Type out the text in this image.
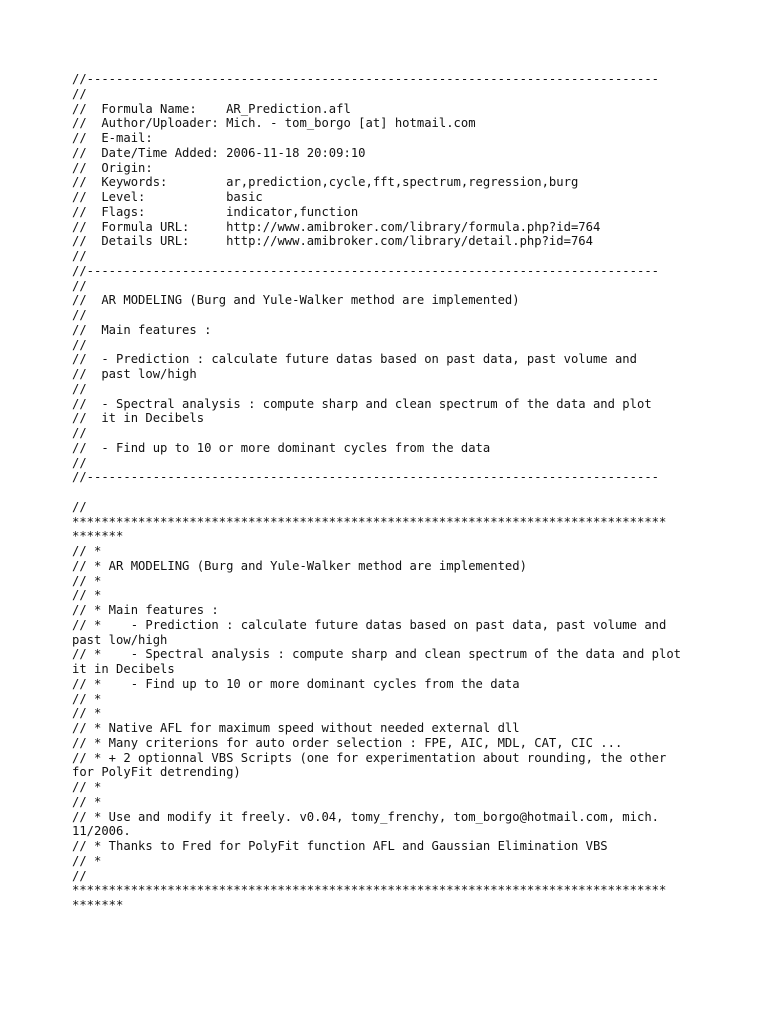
//------------------------------------------------------------------------------
//
//  Formula Name:    AR_Prediction.afl
//  Author/Uploader: Mich. - tom_borgo [at] hotmail.com
//  E-mail:
//  Date/Time Added: 2006-11-18 20:09:10
//  Origin:
//  Keywords:        ar,prediction,cycle,fft,spectrum,regression,burg
//  Level:           basic
//  Flags:           indicator,function
//  Formula URL:     http://www.amibroker.com/library/formula.php?id=764
//  Details URL:     http://www.amibroker.com/library/detail.php?id=764
//
//------------------------------------------------------------------------------
//
//  AR MODELING (Burg and Yule-Walker method are implemented)
//
//  Main features :
//
//  - Prediction : calculate future datas based on past data, past volume and
//  past low/high
//
//  - Spectral analysis : compute sharp and clean spectrum of the data and plot
//  it in Decibels
//
//  - Find up to 10 or more dominant cycles from the data
//
//------------------------------------------------------------------------------
//
*********************************************************************************
*******
// *
// * AR MODELING (Burg and Yule-Walker method are implemented)
// *
// *
// * Main features :
// *    - Prediction : calculate future datas based on past data, past volume and
past low/high
// *    - Spectral analysis : compute sharp and clean spectrum of the data and plot
it in Decibels
// *    - Find up to 10 or more dominant cycles from the data
// *
// *
// * Native AFL for maximum speed without needed external dll
// * Many criterions for auto order selection : FPE, AIC, MDL, CAT, CIC ...
// * + 2 optionnal VBS Scripts (one for experimentation about rounding, the other
for PolyFit detrending)
// *
// *
// * Use and modify it freely. v0.04, tomy_frenchy, tom_borgo@hotmail.com, mich.
11/2006.
// * Thanks to Fred for PolyFit function AFL and Gaussian Elimination VBS
// *
//
*********************************************************************************
*******
